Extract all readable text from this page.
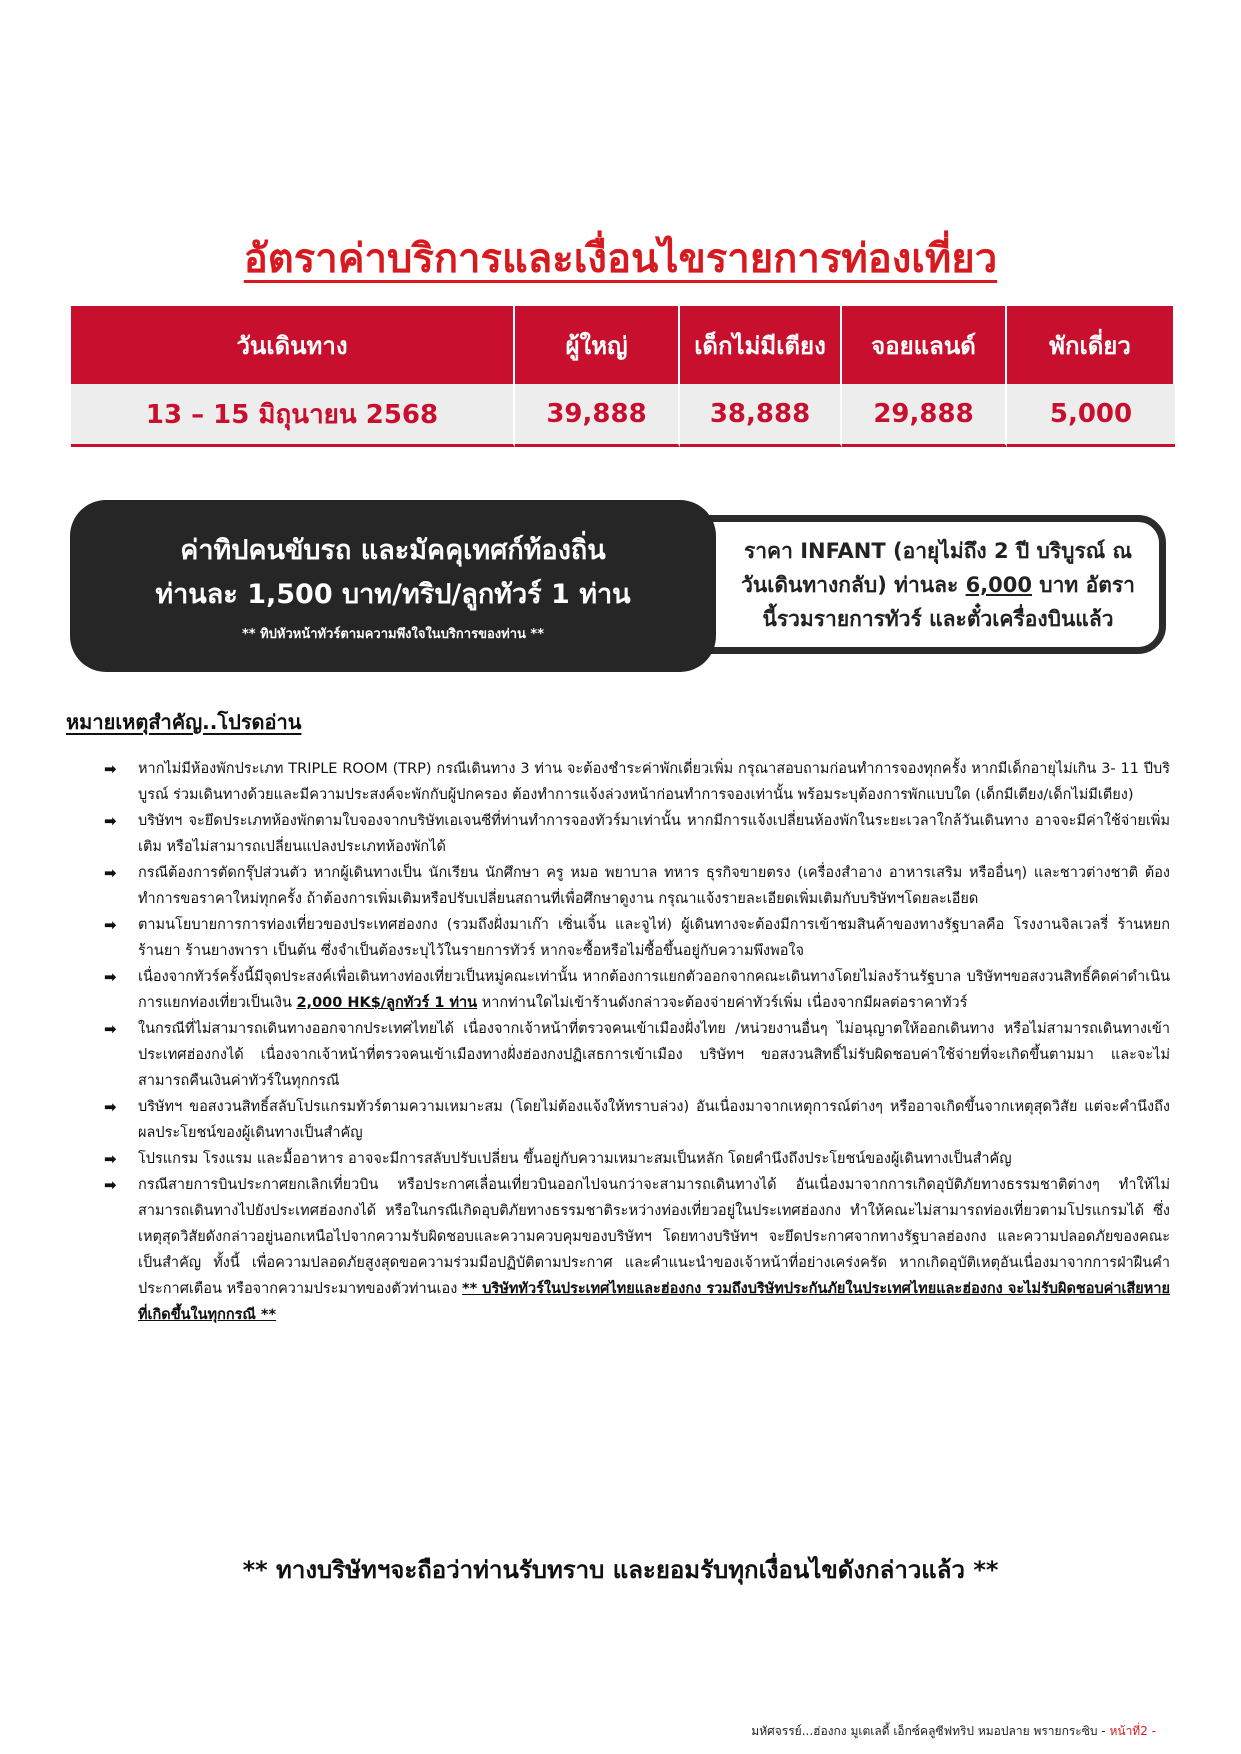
อัตราค่าบริการและเงื่อนไขรายการท่องเที่ยว
วันเดินทาง	ผู้ใหญ่	เด็กไม่มีเตียง	จอยแลนด์	พักเดี่ยว
13 – 15 มิถุนายน 2568	39,888	38,888	29,888	5,000
ราคา INFANT (อายุไม่ถึง 2 ปี บริบูรณ์ ณ วันเดินทางกลับ) ท่านละ 6,000 บาท อัตรานี้รวมรายการทัวร์ และตั๋วเครื่องบินแล้ว
ค่าทิปคนขับรถ และมัคคุเทศก์ท้องถิ่น
ท่านละ 1,500 บาท/ทริป/ลูกทัวร์ 1 ท่าน
** ทิปหัวหน้าทัวร์ตามความพึงใจในบริการของท่าน **
หมายเหตุสำคัญ..โปรดอ่าน
➡ หากไม่มีห้องพักประเภท TRIPLE ROOM (TRP) กรณีเดินทาง 3 ท่าน จะต้องชำระค่าพักเดี่ยวเพิ่ม กรุณาสอบถามก่อนทำการจองทุกครั้ง หากมีเด็กอายุไม่เกิน 3- 11 ปีบริบูรณ์ ร่วมเดินทางด้วยและมีความประสงค์จะพักกับผู้ปกครอง ต้องทำการแจ้งล่วงหน้าก่อนทำการจองเท่านั้น พร้อมระบุต้องการพักแบบใด (เด็กมีเตียง/เด็กไม่มีเตียง)
➡ บริษัทฯ จะยึดประเภทห้องพักตามใบจองจากบริษัทเอเจนซีที่ท่านทำการจองทัวร์มาเท่านั้น หากมีการแจ้งเปลี่ยนห้องพักในระยะเวลาใกล้วันเดินทาง อาจจะมีค่าใช้จ่ายเพิ่มเติม หรือไม่สามารถเปลี่ยนแปลงประเภทห้องพักได้
➡ กรณีต้องการตัดกรุ๊ปส่วนตัว หากผู้เดินทางเป็น นักเรียน นักศึกษา ครู หมอ พยาบาล ทหาร ธุรกิจขายตรง (เครื่องสำอาง อาหารเสริม หรืออื่นๆ) และชาวต่างชาติ ต้องทำการขอราคาใหม่ทุกครั้ง ถ้าต้องการเพิ่มเติมหรือปรับเปลี่ยนสถานที่เพื่อศึกษาดูงาน กรุณาแจ้งรายละเอียดเพิ่มเติมกับบริษัทฯโดยละเอียด
➡ ตามนโยบายการการท่องเที่ยวของประเทศฮ่องกง (รวมถึงฝั่งมาเก๊า เซิ่นเจิ้น และจูไห่) ผู้เดินทางจะต้องมีการเข้าชมสินค้าของทางรัฐบาลคือ โรงงานจิลเวลรี่ ร้านหยก ร้านยา ร้านยางพารา เป็นต้น ซึ่งจำเป็นต้องระบุไว้ในรายการทัวร์ หากจะซื้อหรือไม่ซื้อขึ้นอยู่กับความพึงพอใจ
➡ เนื่องจากทัวร์ครั้งนี้มีจุดประสงค์เพื่อเดินทางท่องเที่ยวเป็นหมู่คณะเท่านั้น หากต้องการแยกตัวออกจากคณะเดินทางโดยไม่ลงร้านรัฐบาล บริษัทฯขอสงวนสิทธิ์คิดค่าดำเนินการแยกท่องเที่ยวเป็นเงิน 2,000 HK$/ลูกทัวร์ 1 ท่าน หากท่านใดไม่เข้าร้านดังกล่าวจะต้องจ่ายค่าทัวร์เพิ่ม เนื่องจากมีผลต่อราคาทัวร์
➡ ในกรณีที่ไม่สามารถเดินทางออกจากประเทศไทยได้ เนื่องจากเจ้าหน้าที่ตรวจคนเข้าเมืองฝั่งไทย /หน่วยงานอื่นๆ ไม่อนุญาตให้ออกเดินทาง หรือไม่สามารถเดินทางเข้าประเทศฮ่องกงได้ เนื่องจากเจ้าหน้าที่ตรวจคนเข้าเมืองทางฝั่งฮ่องกงปฏิเสธการเข้าเมือง บริษัทฯ ขอสงวนสิทธิ์ไม่รับผิดชอบค่าใช้จ่ายที่จะเกิดขึ้นตามมา และจะไม่สามารถคืนเงินค่าทัวร์ในทุกกรณี
➡ บริษัทฯ ขอสงวนสิทธิ์สลับโปรแกรมทัวร์ตามความเหมาะสม (โดยไม่ต้องแจ้งให้ทราบล่วง) อันเนื่องมาจากเหตุการณ์ต่างๆ หรืออาจเกิดขึ้นจากเหตุสุดวิสัย แต่จะคำนึงถึงผลประโยชน์ของผู้เดินทางเป็นสำคัญ
➡ โปรแกรม โรงแรม และมื้ออาหาร อาจจะมีการสลับปรับเปลี่ยน ขึ้นอยู่กับความเหมาะสมเป็นหลัก โดยคำนึงถึงประโยชน์ของผู้เดินทางเป็นสำคัญ
➡ กรณีสายการบินประกาศยกเลิกเที่ยวบิน หรือประกาศเลื่อนเที่ยวบินออกไปจนกว่าจะสามารถเดินทางได้ อันเนื่องมาจากการเกิดอุบัติภัยทางธรรมชาติต่างๆ ทำให้ไม่สามารถเดินทางไปยังประเทศฮ่องกงได้ หรือในกรณีเกิดอุบติภัยทางธรรมชาติระหว่างท่องเที่ยวอยู่ในประเทศฮ่องกง ทำให้คณะไม่สามารถท่องเที่ยวตามโปรแกรมได้ ซึ่งเหตุสุดวิสัยดังกล่าวอยู่นอกเหนือไปจากความรับผิดชอบและความควบคุมของบริษัทฯ โดยทางบริษัทฯ จะยึดประกาศจากทางรัฐบาลฮ่องกง และความปลอดภัยของคณะเป็นสำคัญ ทั้งนี้ เพื่อความปลอดภัยสูงสุดขอความร่วมมือปฏิบัติตามประกาศ และคำแนะนำของเจ้าหน้าที่อย่างเคร่งครัด หากเกิดอุบัติเหตุอันเนื่องมาจากการฝ่าฝืนคำประกาศเตือน หรือจากความประมาทของตัวท่านเอง ** บริษัททัวร์ในประเทศไทยและฮ่องกง รวมถึงบริษัทประกันภัยในประเทศไทยและฮ่องกง จะไม่รับผิดชอบค่าเสียหายที่เกิดขึ้นในทุกกรณี **
** ทางบริษัทฯจะถือว่าท่านรับทราบ และยอมรับทุกเงื่อนไขดังกล่าวแล้ว **
มหัศจรรย์...ฮ่องกง มูเตเลดี้ เอ็กซ์คลูซีฟทริป หมอปลาย พรายกระซิบ - หน้าที่2 -
